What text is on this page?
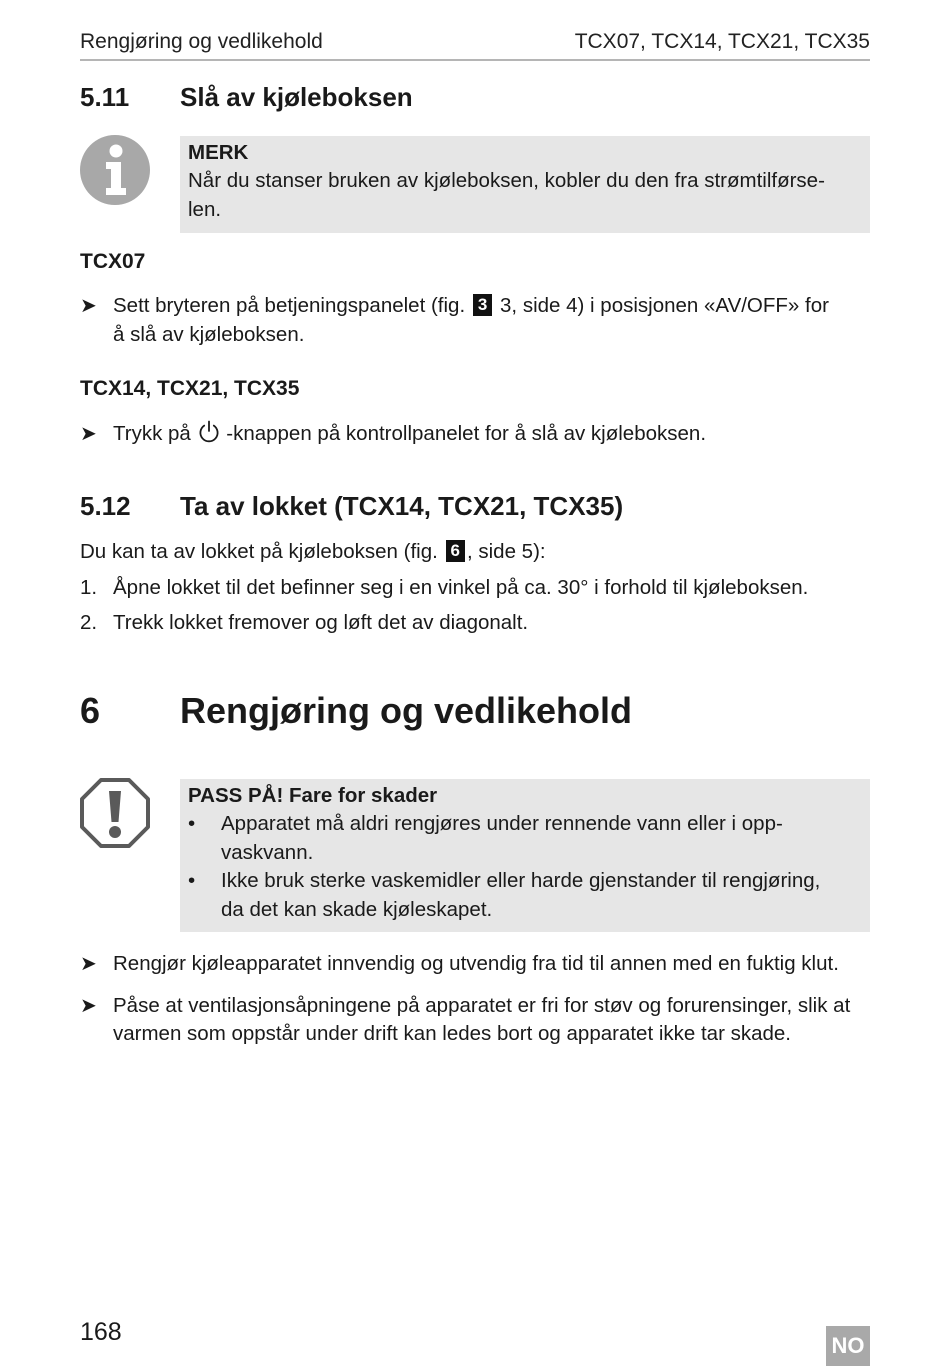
Rengjøring og vedlikehold	TCX07, TCX14, TCX21, TCX35
5.11 Slå av kjøleboksen
MERK
Når du stanser bruken av kjøleboksen, kobler du den fra strømtilførse-
len.
TCX07
➤ Sett bryteren på betjeningspanelet (fig. 3 3, side 4) i posisjonen «AV/OFF» for
å slå av kjøleboksen.
TCX14, TCX21, TCX35
➤ Trykk på -knappen på kontrollpanelet for å slå av kjøleboksen.
5.12 Ta av lokket (TCX14, TCX21, TCX35)
Du kan ta av lokket på kjøleboksen (fig. 6 , side 5):
1. Åpne lokket til det befinner seg i en vinkel på ca. 30° i forhold til kjøleboksen.
2. Trekk lokket fremover og løft det av diagonalt.
6 Rengjøring og vedlikehold
PASS PÅ! Fare for skader
• Apparatet må aldri rengjøres under rennende vann eller i opp-
vaskvann.
• Ikke bruk sterke vaskemidler eller harde gjenstander til rengjøring,
da det kan skade kjøleskapet.
➤ Rengjør kjøleapparatet innvendig og utvendig fra tid til annen med en fuktig klut.
➤ Påse at ventilasjonsåpningene på apparatet er fri for støv og forurensinger, slik at
varmen som oppstår under drift kan ledes bort og apparatet ikke tar skade.
168	NO
